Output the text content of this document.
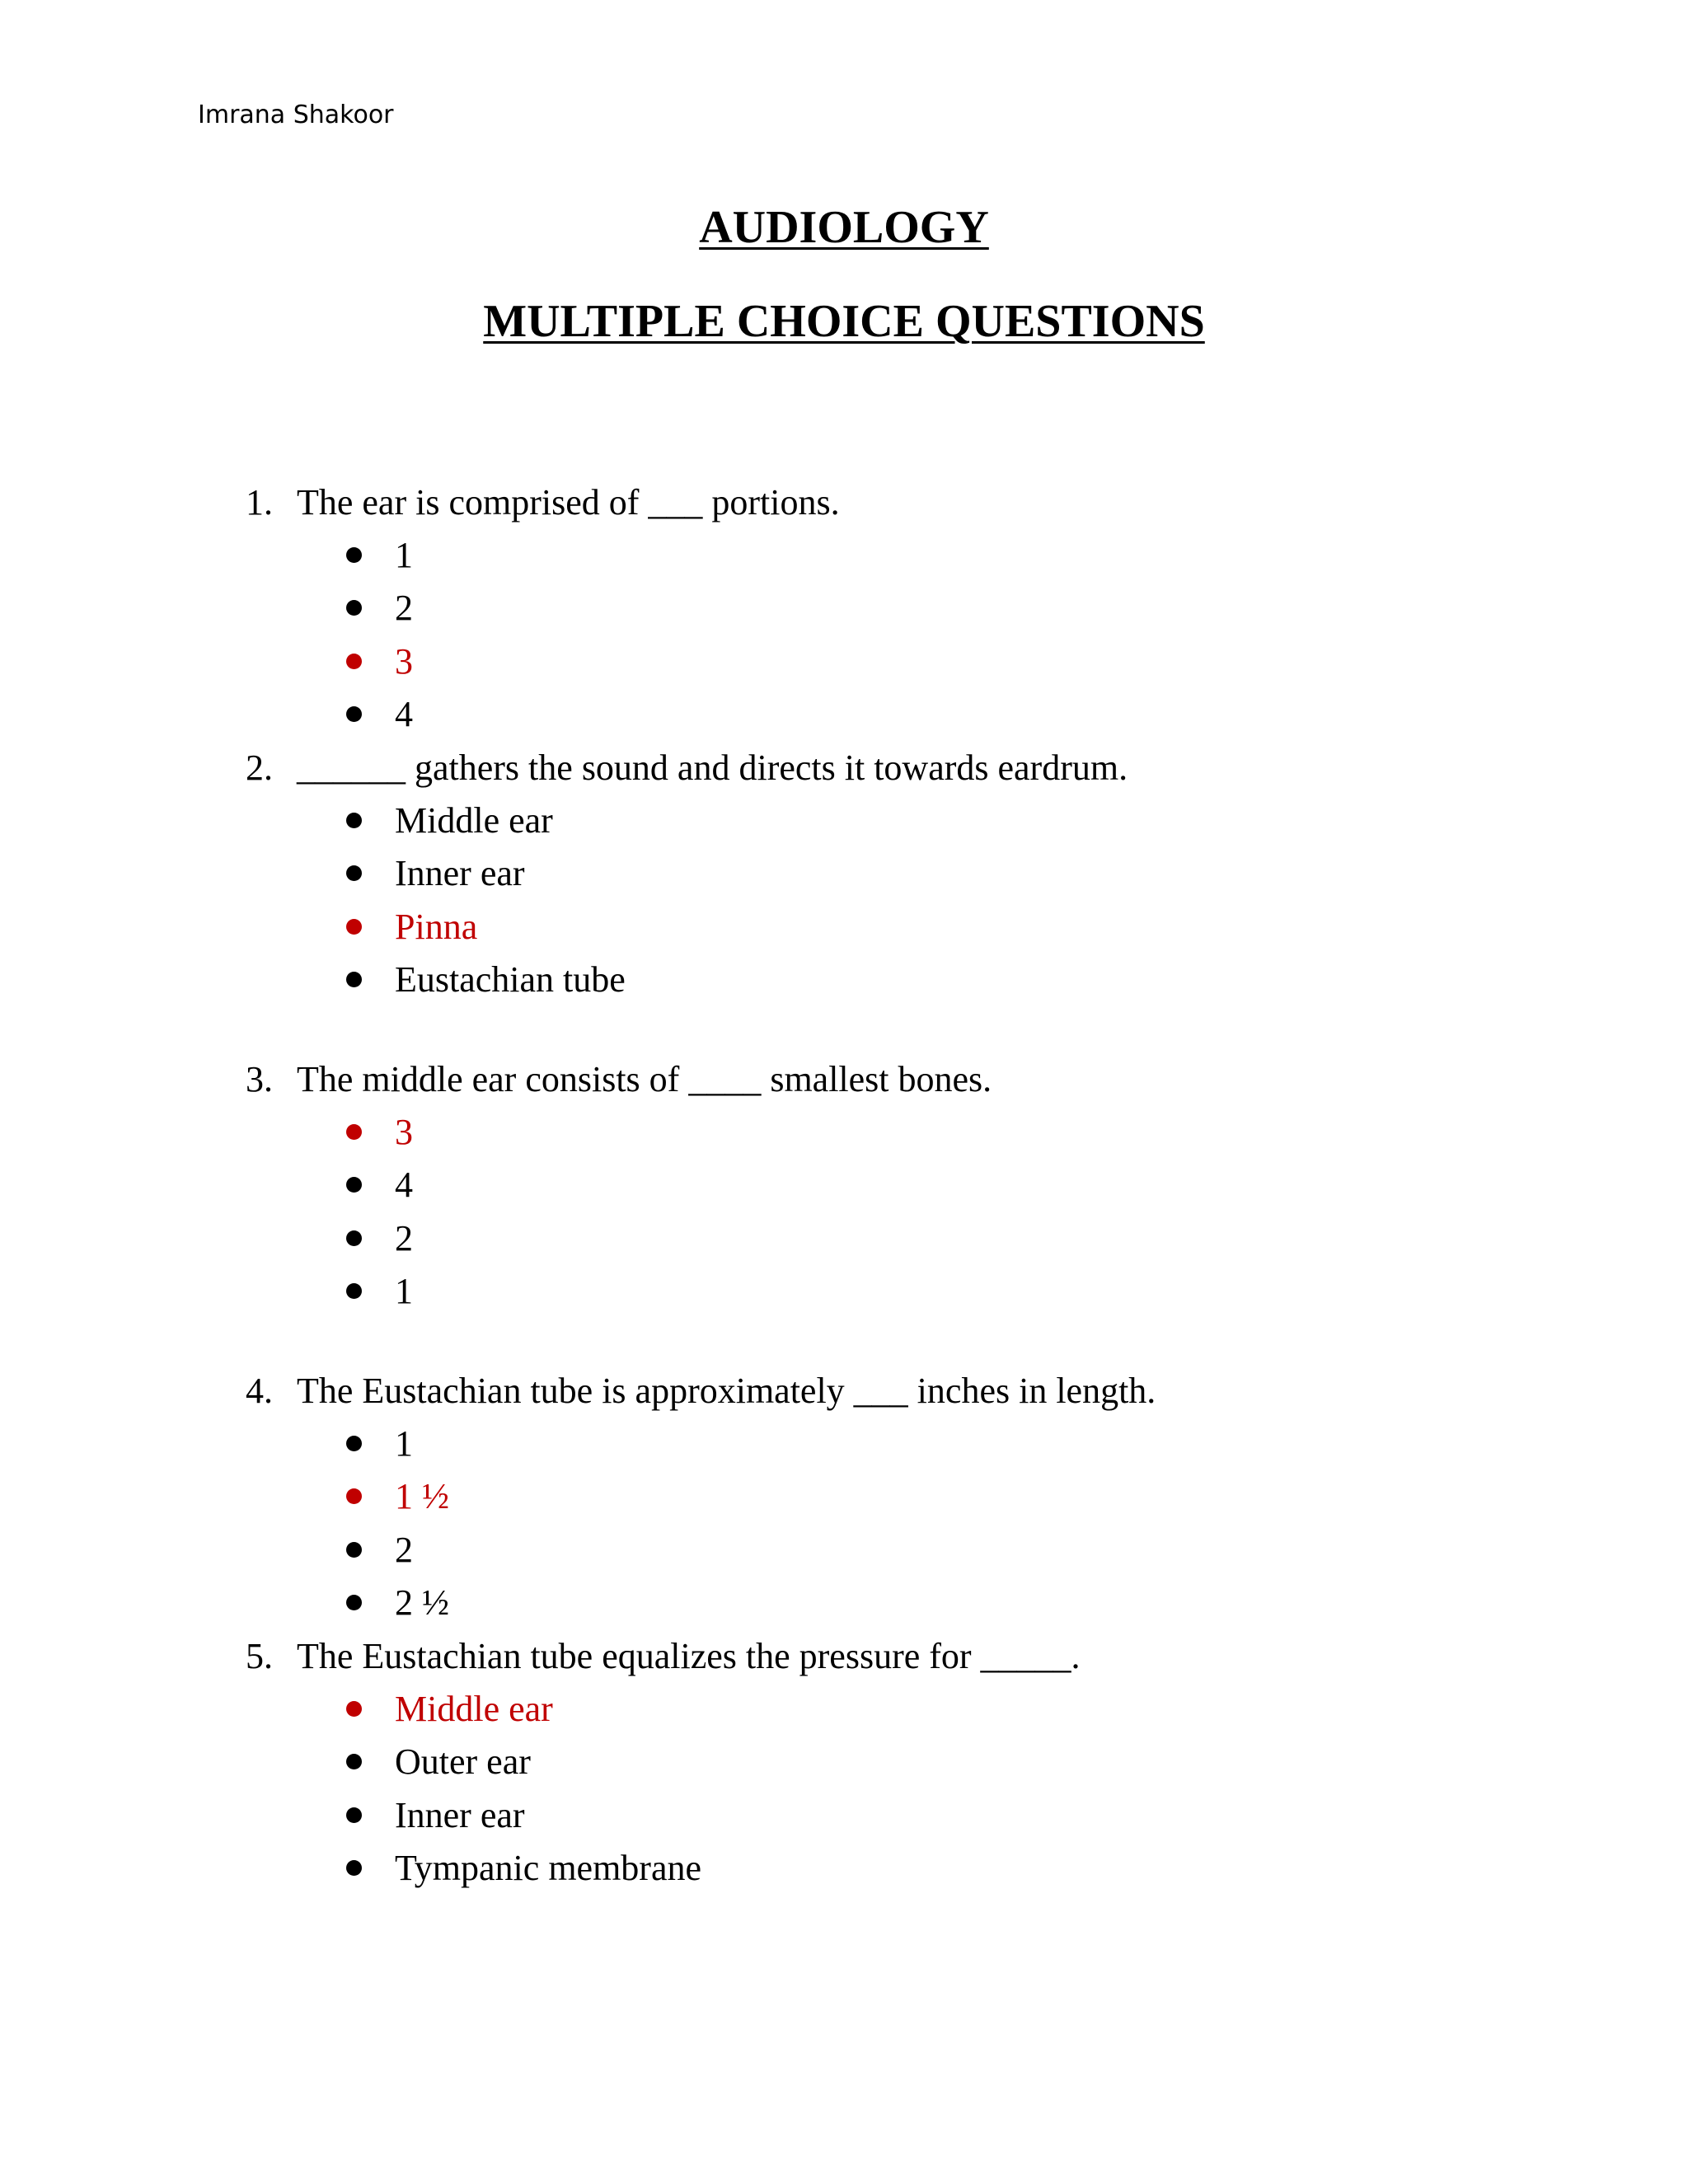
Imrana Shakoor
AUDIOLOGY
MULTIPLE CHOICE QUESTIONS
1. The ear is comprised of ___ portions.
1
2
3
4
2. ______ gathers the sound and directs it towards eardrum.
Middle ear
Inner ear
Pinna
Eustachian tube
3. The middle ear consists of ____ smallest bones.
3
4
2
1
4. The Eustachian tube is approximately ___ inches in length.
1
1 ½
2
2 ½
5. The Eustachian tube equalizes the pressure for _____.
Middle ear
Outer ear
Inner ear
Tympanic membrane
